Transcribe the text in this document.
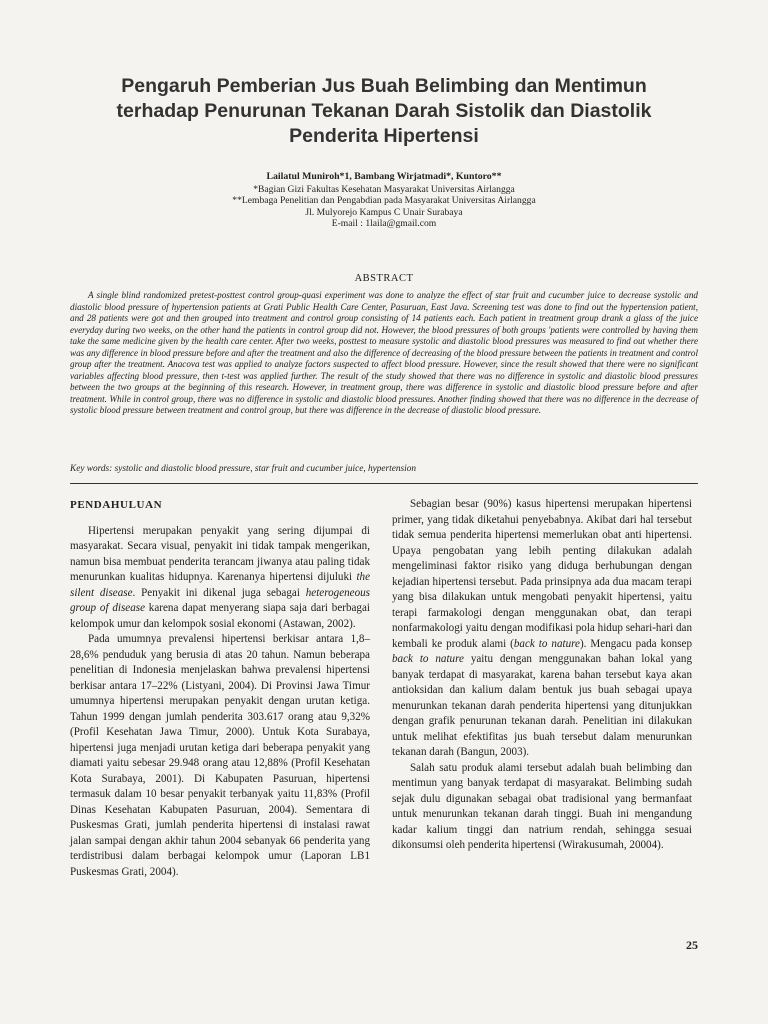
Pengaruh Pemberian Jus Buah Belimbing dan Mentimun
terhadap Penurunan Tekanan Darah Sistolik dan Diastolik
Penderita Hipertensi
Lailatul Muniroh*1, Bambang Wirjatmadi*, Kuntoro**
*Bagian Gizi Fakultas Kesehatan Masyarakat Universitas Airlangga
**Lembaga Penelitian dan Pengabdian pada Masyarakat Universitas Airlangga
Jl. Mulyorejo Kampus C Unair Surabaya
E-mail : 1laila@gmail.com
ABSTRACT

A single blind randomized pretest-posttest control group-quasi experiment was done to analyze the effect of star fruit and cucumber juice to decrease systolic and diastolic blood pressure of hypertension patients at Grati Public Health Care Center, Pasuruan, East Java. Screening test was done to find out the hypertension patient, and 28 patients were got and then grouped into treatment and control group consisting of 14 patients each. Each patient in treatment group drank a glass of the juice everyday during two weeks, on the other hand the patients in control group did not. However, the blood pressures of both groups 'patients were controlled by having them take the same medicine given by the health care center. After two weeks, posttest to measure systolic and diastolic blood pressures was measured to find out whether there was any difference in blood pressure before and after the treatment and also the difference of decreasing of the blood pressure between the patients in treatment and control group after the treatment. Anacova test was applied to analyze factors suspected to affect blood pressure. However, since the result showed that there were no significant variables affecting blood pressure, then t-test was applied further. The result of the study showed that there was no difference in systolic and diastolic blood pressures between the two groups at the beginning of this research. However, in treatment group, there was difference in systolic and diastolic blood pressure before and after treatment. While in control group, there was no difference in systolic and diastolic blood pressures. Another finding showed that there was no difference in the decrease of systolic blood pressure between treatment and control group, but there was difference in the decrease of diastolic blood pressure.

Key words: systolic and diastolic blood pressure, star fruit and cucumber juice, hypertension
PENDAHULUAN

Hipertensi merupakan penyakit yang sering dijumpai di masyarakat. Secara visual, penyakit ini tidak tampak mengerikan, namun bisa membuat penderita terancam jiwanya atau paling tidak menurunkan kualitas hidupnya. Karenanya hipertensi dijuluki the silent disease. Penyakit ini dikenal juga sebagai heterogeneous group of disease karena dapat menyerang siapa saja dari berbagai kelompok umur dan kelompok sosial ekonomi (Astawan, 2002).

Pada umumnya prevalensi hipertensi berkisar antara 1,8–28,6% penduduk yang berusia di atas 20 tahun. Namun beberapa penelitian di Indonesia menjelaskan bahwa prevalensi hipertensi berkisar antara 17–22% (Listyani, 2004). Di Provinsi Jawa Timur umumnya hipertensi merupakan penyakit dengan urutan ketiga. Tahun 1999 dengan jumlah penderita 303.617 orang atau 9,32% (Profil Kesehatan Jawa Timur, 2000). Untuk Kota Surabaya, hipertensi juga menjadi urutan ketiga dari beberapa penyakit yang diamati yaitu sebesar 29.948 orang atau 12,88% (Profil Kesehatan Kota Surabaya, 2001). Di Kabupaten Pasuruan, hipertensi termasuk dalam 10 besar penyakit terbanyak yaitu 11,83% (Profil Dinas Kesehatan Kabupaten Pasuruan, 2004). Sementara di Puskesmas Grati, jumlah penderita hipertensi di instalasi rawat jalan sampai dengan akhir tahun 2004 sebanyak 66 penderita yang terdistribusi dalam berbagai kelompok umur (Laporan LB1 Puskesmas Grati, 2004).

Sebagian besar (90%) kasus hipertensi merupakan hipertensi primer, yang tidak diketahui penyebabnya. Akibat dari hal tersebut tidak semua penderita hipertensi memerlukan obat anti hipertensi. Upaya pengobatan yang lebih penting dilakukan adalah mengeliminasi faktor risiko yang diduga berhubungan dengan kejadian hipertensi tersebut. Pada prinsipnya ada dua macam terapi yang bisa dilakukan untuk mengobati penyakit hipertensi, yaitu terapi farmakologi dengan menggunakan obat, dan terapi nonfarmakologi yaitu dengan modifikasi pola hidup sehari-hari dan kembali ke produk alami (back to nature). Mengacu pada konsep back to nature yaitu dengan menggunakan bahan lokal yang banyak terdapat di masyarakat, karena bahan tersebut kaya akan antioksidan dan kalium dalam bentuk jus buah sebagai upaya menurunkan tekanan darah penderita hipertensi yang ditunjukkan dengan grafik penurunan tekanan darah. Penelitian ini dilakukan untuk melihat efektifitas jus buah tersebut dalam menurunkan tekanan darah (Bangun, 2003).

Salah satu produk alami tersebut adalah buah belimbing dan mentimun yang banyak terdapat di masyarakat. Belimbing sudah sejak dulu digunakan sebagai obat tradisional yang bermanfaat untuk menurunkan tekanan darah tinggi. Buah ini mengandung kadar kalium tinggi dan natrium rendah, sehingga sesuai dikonsumsi oleh penderita hipertensi (Wirakusumah, 20004).

25
